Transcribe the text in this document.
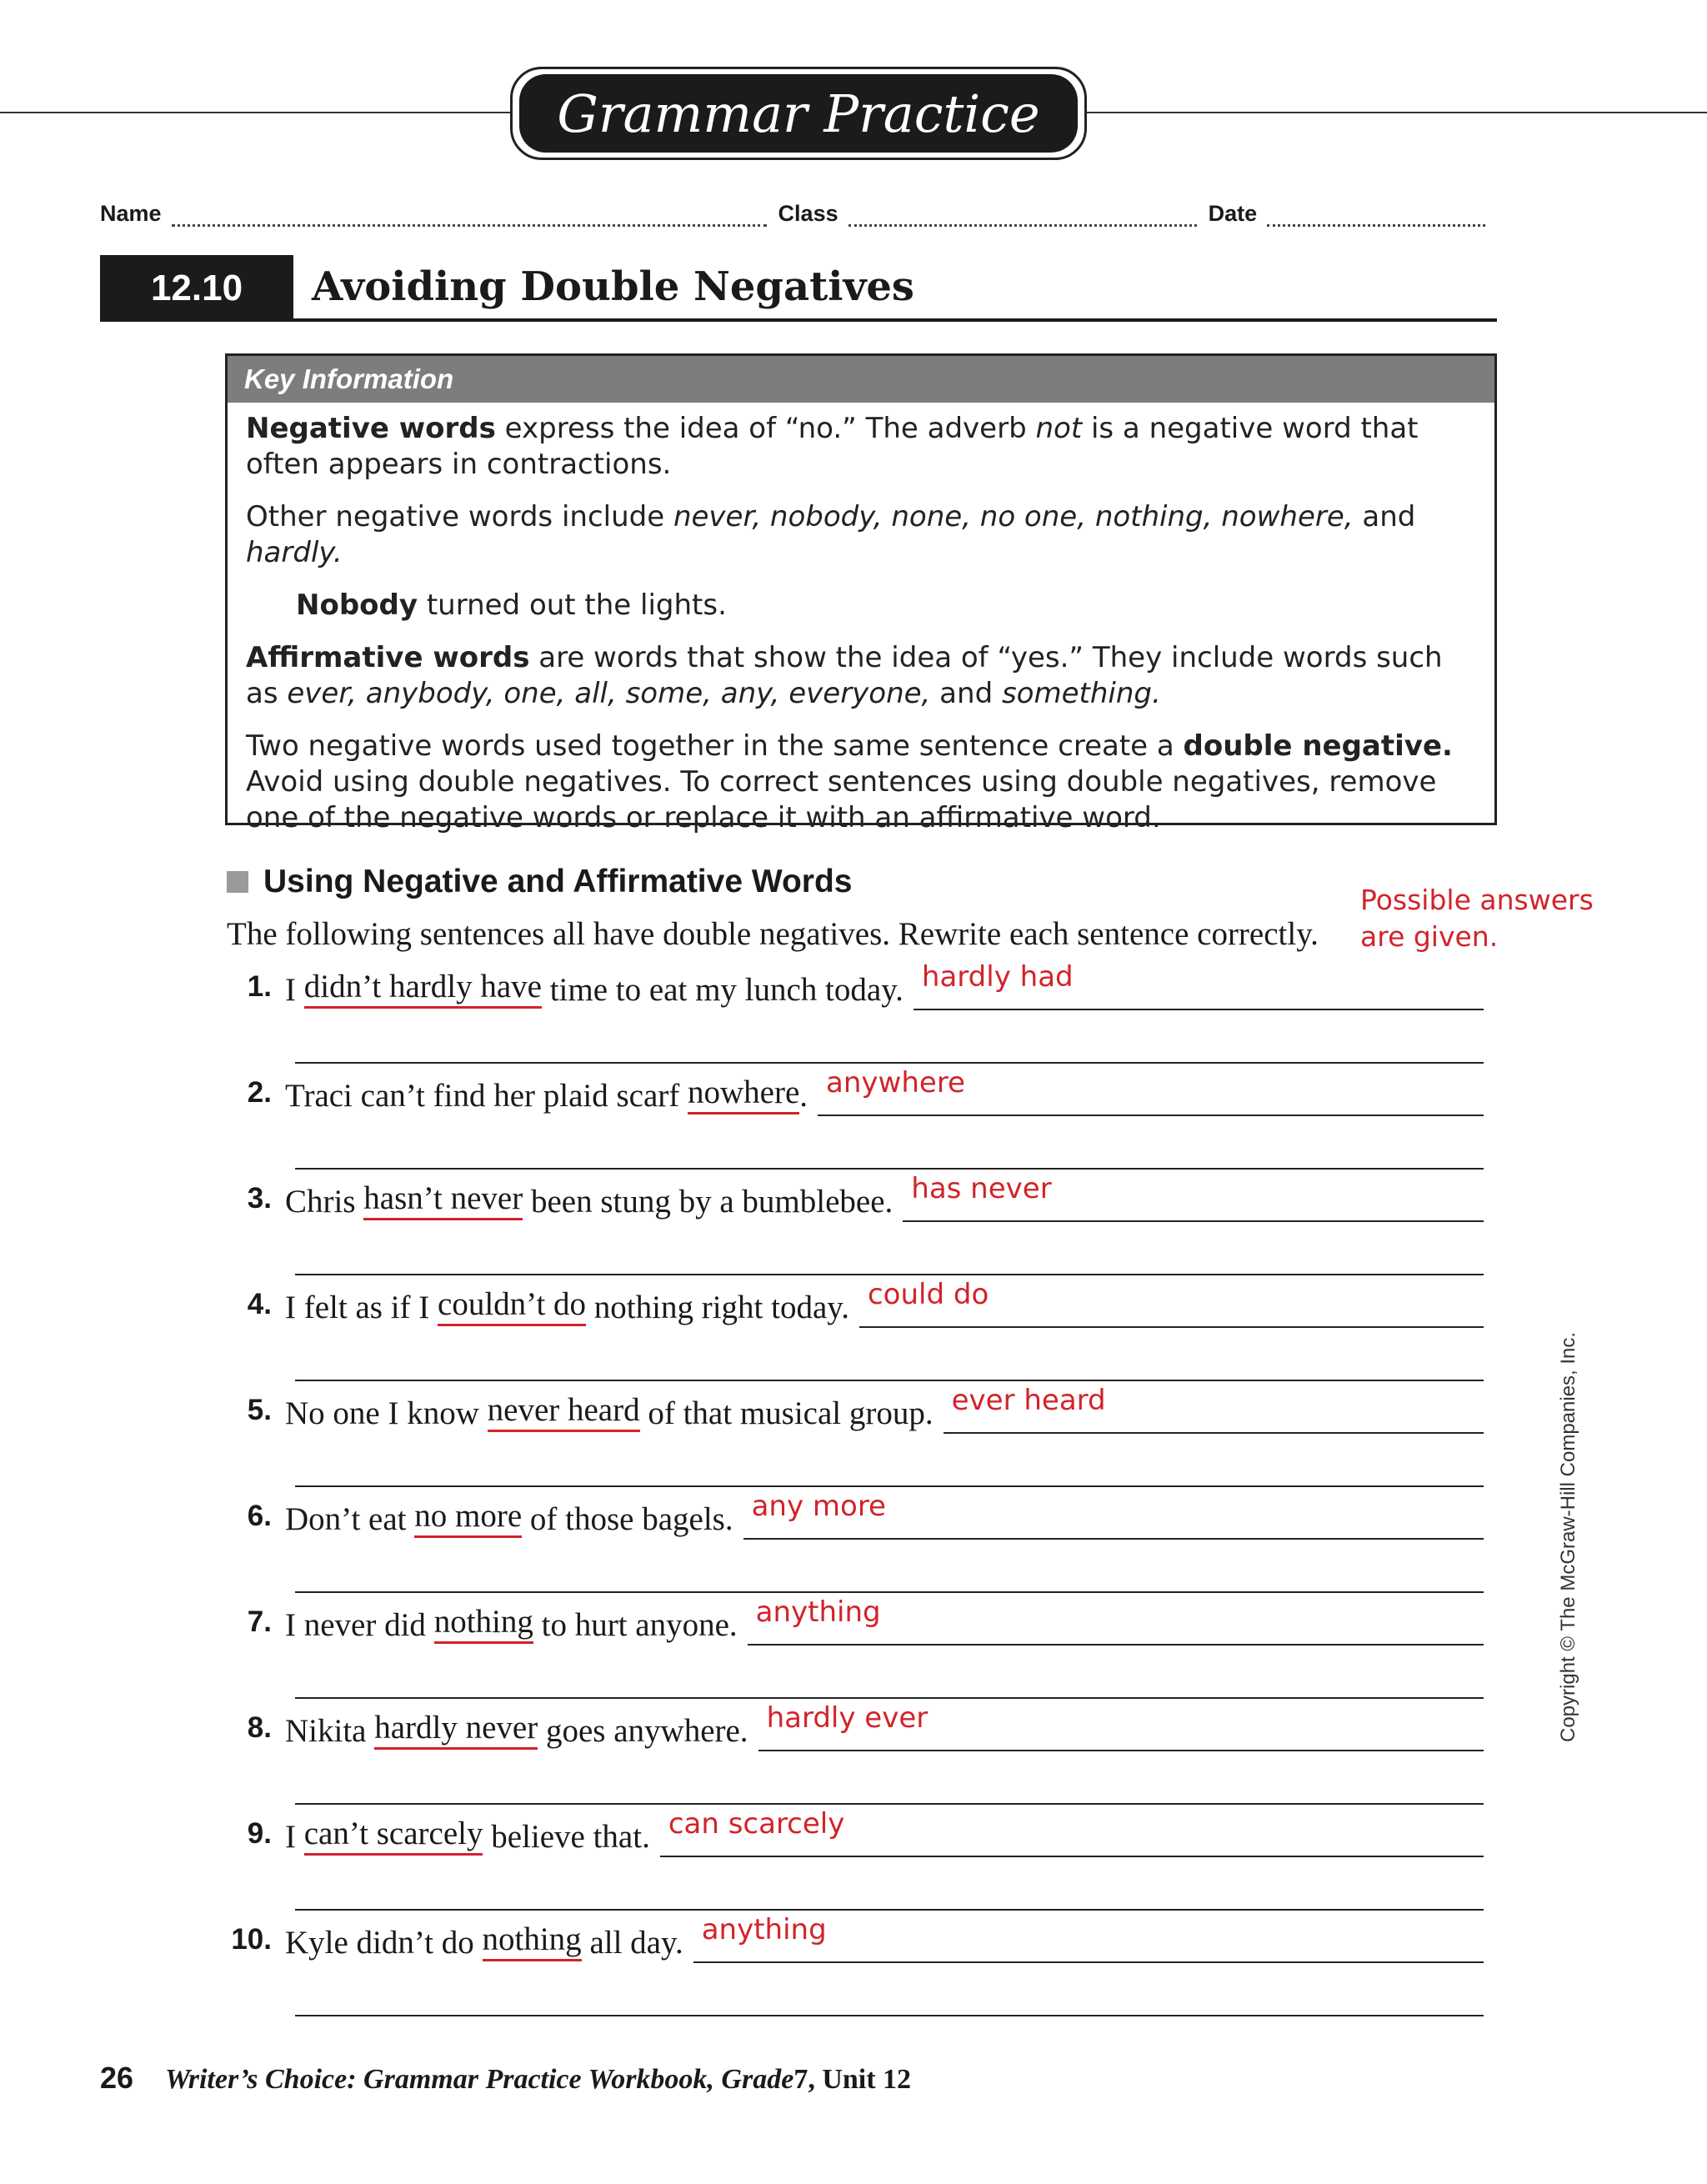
Grammar Practice
Name	Class	Date
12.10	Avoiding Double Negatives
Key Information

Negative words express the idea of “no.” The adverb not is a negative word that often appears in contractions.

Other negative words include never, nobody, none, no one, nothing, nowhere, and hardly.

Nobody turned out the lights.

Affirmative words are words that show the idea of “yes.” They include words such as ever, anybody, one, all, some, any, everyone, and something.

Two negative words used together in the same sentence create a double negative. Avoid using double negatives. To correct sentences using double negatives, remove one of the negative words or replace it with an affirmative word.

Using Negative and Affirmative Words
The following sentences all have double negatives. Rewrite each sentence correctly.
Possible answers
are given.
1. I didn’t hardly have time to eat my lunch today. hardly had
2. Traci can’t find her plaid scarf nowhere . anywhere
3. Chris hasn’t never been stung by a bumblebee. has never
4. I felt as if I couldn’t do nothing right today. could do
5. No one I know never heard of that musical group. ever heard
6. Don’t eat no more of those bagels. any more
7. I never did nothing to hurt anyone. anything
8. Nikita hardly never goes anywhere. hardly ever
9. I can’t scarcely believe that. can scarcely
10. Kyle didn’t do nothing all day. anything
26 Writer’s Choice: Grammar Practice Workbook, Grade 7, Unit 12
Copyright © The McGraw-Hill Companies, Inc.
